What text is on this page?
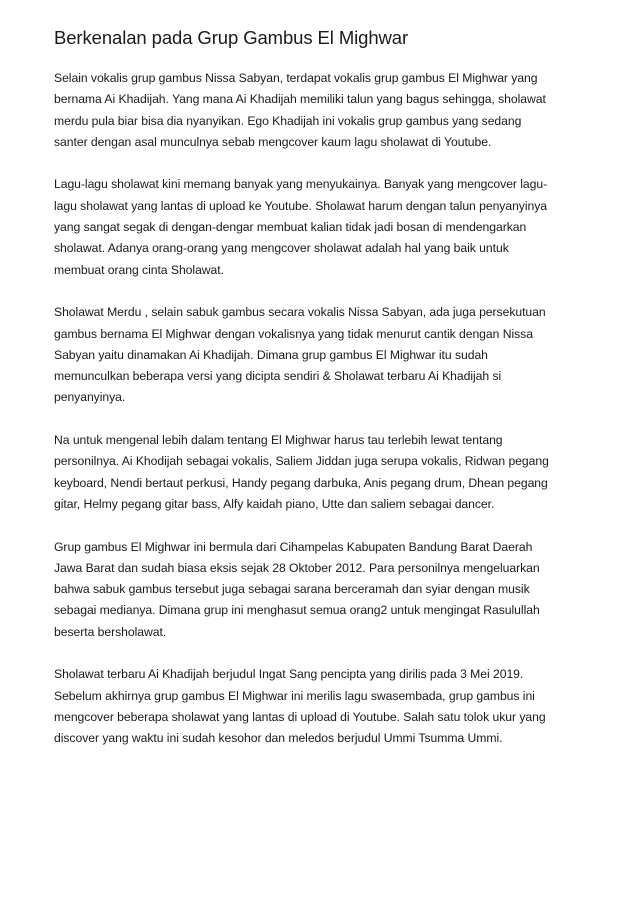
Berkenalan pada Grup Gambus El Mighwar

Selain vokalis grup gambus Nissa Sabyan, terdapat vokalis grup gambus El Mighwar yang
bernama Ai Khadijah. Yang mana Ai Khadijah memiliki talun yang bagus sehingga, sholawat
merdu pula biar bisa dia nyanyikan. Ego Khadijah ini vokalis grup gambus yang sedang
santer dengan asal munculnya sebab mengcover kaum lagu sholawat di Youtube.

Lagu-lagu sholawat kini memang banyak yang menyukainya. Banyak yang mengcover lagu-
lagu sholawat yang lantas di upload ke Youtube. Sholawat harum dengan talun penyanyinya
yang sangat segak di dengan-dengar membuat kalian tidak jadi bosan di mendengarkan
sholawat. Adanya orang-orang yang mengcover sholawat adalah hal yang baik untuk
membuat orang cinta Sholawat.

Sholawat Merdu , selain sabuk gambus secara vokalis Nissa Sabyan, ada juga persekutuan
gambus bernama El Mighwar dengan vokalisnya yang tidak menurut cantik dengan Nissa
Sabyan yaitu dinamakan Ai Khadijah. Dimana grup gambus El Mighwar itu sudah
memunculkan beberapa versi yang dicipta sendiri & Sholawat terbaru Ai Khadijah si
penyanyinya.

Na untuk mengenal lebih dalam tentang El Mighwar harus tau terlebih lewat tentang
personilnya. Ai Khodijah sebagai vokalis, Saliem Jiddan juga serupa vokalis, Ridwan pegang
keyboard, Nendi bertaut perkusi, Handy pegang darbuka, Anis pegang drum, Dhean pegang
gitar, Helmy pegang gitar bass, Alfy kaidah piano, Utte dan saliem sebagai dancer.

Grup gambus El Mighwar ini bermula dari Cihampelas Kabupaten Bandung Barat Daerah
Jawa Barat dan sudah biasa eksis sejak 28 Oktober 2012. Para personilnya mengeluarkan
bahwa sabuk gambus tersebut juga sebagai sarana berceramah dan syiar dengan musik
sebagai medianya. Dimana grup ini menghasut semua orang2 untuk mengingat Rasulullah
beserta bersholawat.

Sholawat terbaru Ai Khadijah berjudul Ingat Sang pencipta yang dirilis pada 3 Mei 2019.
Sebelum akhirnya grup gambus El Mighwar ini merilis lagu swasembada, grup gambus ini
mengcover beberapa sholawat yang lantas di upload di Youtube. Salah satu tolok ukur yang
discover yang waktu ini sudah kesohor dan meledos berjudul Ummi Tsumma Ummi.
